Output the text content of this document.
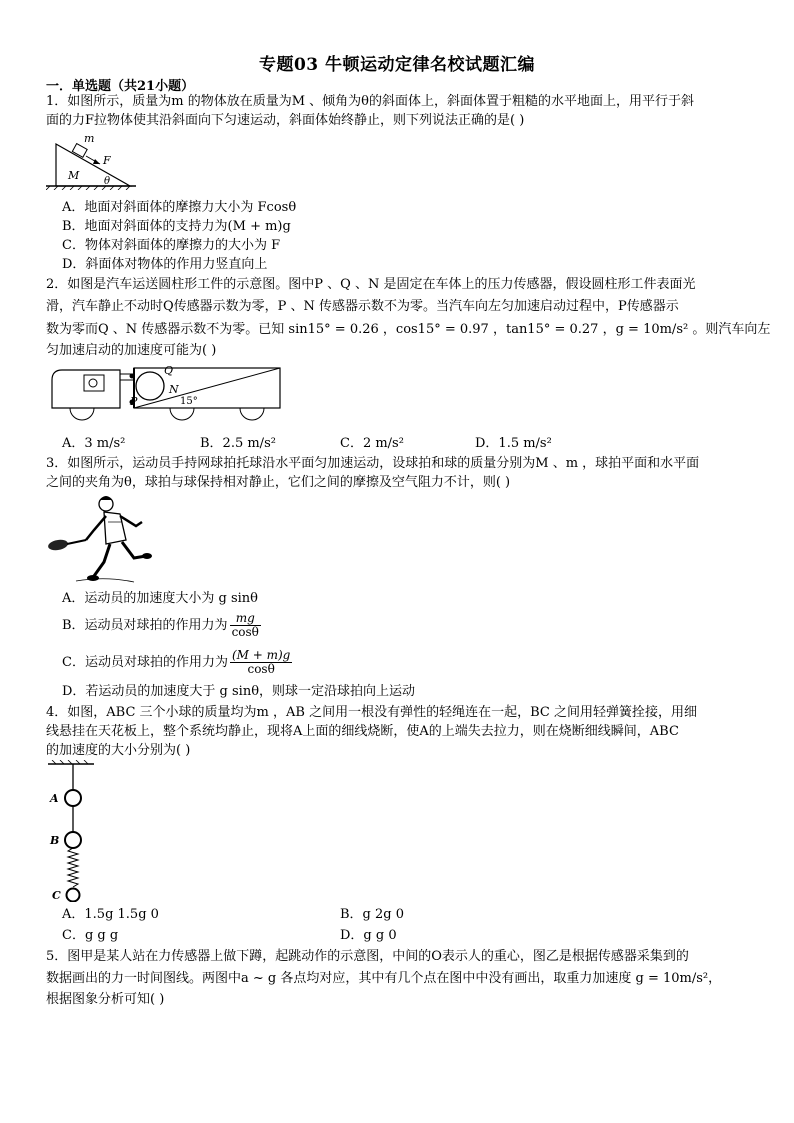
专题03 牛顿运动定律名校试题汇编
一．单选题（共21小题）
1．如图所示，质量为m 的物体放在质量为M 、倾角为θ的斜面体上，斜面体置于粗糙的水平地面上，用平行于斜
面的力F拉物体使其沿斜面向下匀速运动，斜面体始终静止，则下列说法正确的是( )
m
F
M θ
A．地面对斜面体的摩擦力大小为 Fcosθ
B．地面对斜面体的支持力为(M + m)g
C．物体对斜面体的摩擦力的大小为 F
D．斜面体对物体的作用力竖直向上
2．如图是汽车运送圆柱形工件的示意图。图中P 、Q 、N 是固定在车体上的压力传感器，假设圆柱形工件表面光
滑，汽车静止不动时Q传感器示数为零，P 、N 传感器示数不为零。当汽车向左匀加速启动过程中，P传感器示
数为零而Q 、N 传感器示数不为零。已知 sin15° = 0.26 ，cos15° = 0.97 ，tan15° = 0.27 ，g = 10m/s² 。则汽车向左
匀加速启动的加速度可能为( )
Q
N
P	15°
A．3 m/s²	B．2.5 m/s²	C．2 m/s²	D．1.5 m/s²
3．如图所示，运动员手持网球拍托球沿水平面匀加速运动，设球拍和球的质量分别为M 、m ，球拍平面和水平面
之间的夹角为θ，球拍与球保持相对静止，它们之间的摩擦及空气阻力不计，则( )
A．运动员的加速度大小为 g sinθ
B．运动员对球拍的作用力为 $\frac{mg}{\cos\theta}$
C．运动员对球拍的作用力为 $\frac{(M + m)g}{\cos\theta}$
D．若运动员的加速度大于 g sinθ，则球一定沿球拍向上运动
4．如图，ABC 三个小球的质量均为m ，AB 之间用一根没有弹性的轻绳连在一起，BC 之间用轻弹簧拴接，用细
线悬挂在天花板上，整个系统均静止，现将A上面的细线烧断，使A的上端失去拉力，则在烧断细线瞬间，ABC
的加速度的大小分别为( )
A
B
C
A．1.5g 1.5g 0	B．g 2g 0
C．g g g	D．g g 0
5．图甲是某人站在力传感器上做下蹲，起跳动作的示意图，中间的O表示人的重心，图乙是根据传感器采集到的
数据画出的力一时间图线。两图中a ~ g 各点均对应，其中有几个点在图中中没有画出，取重力加速度 g = 10m/s²，
根据图象分析可知( )
